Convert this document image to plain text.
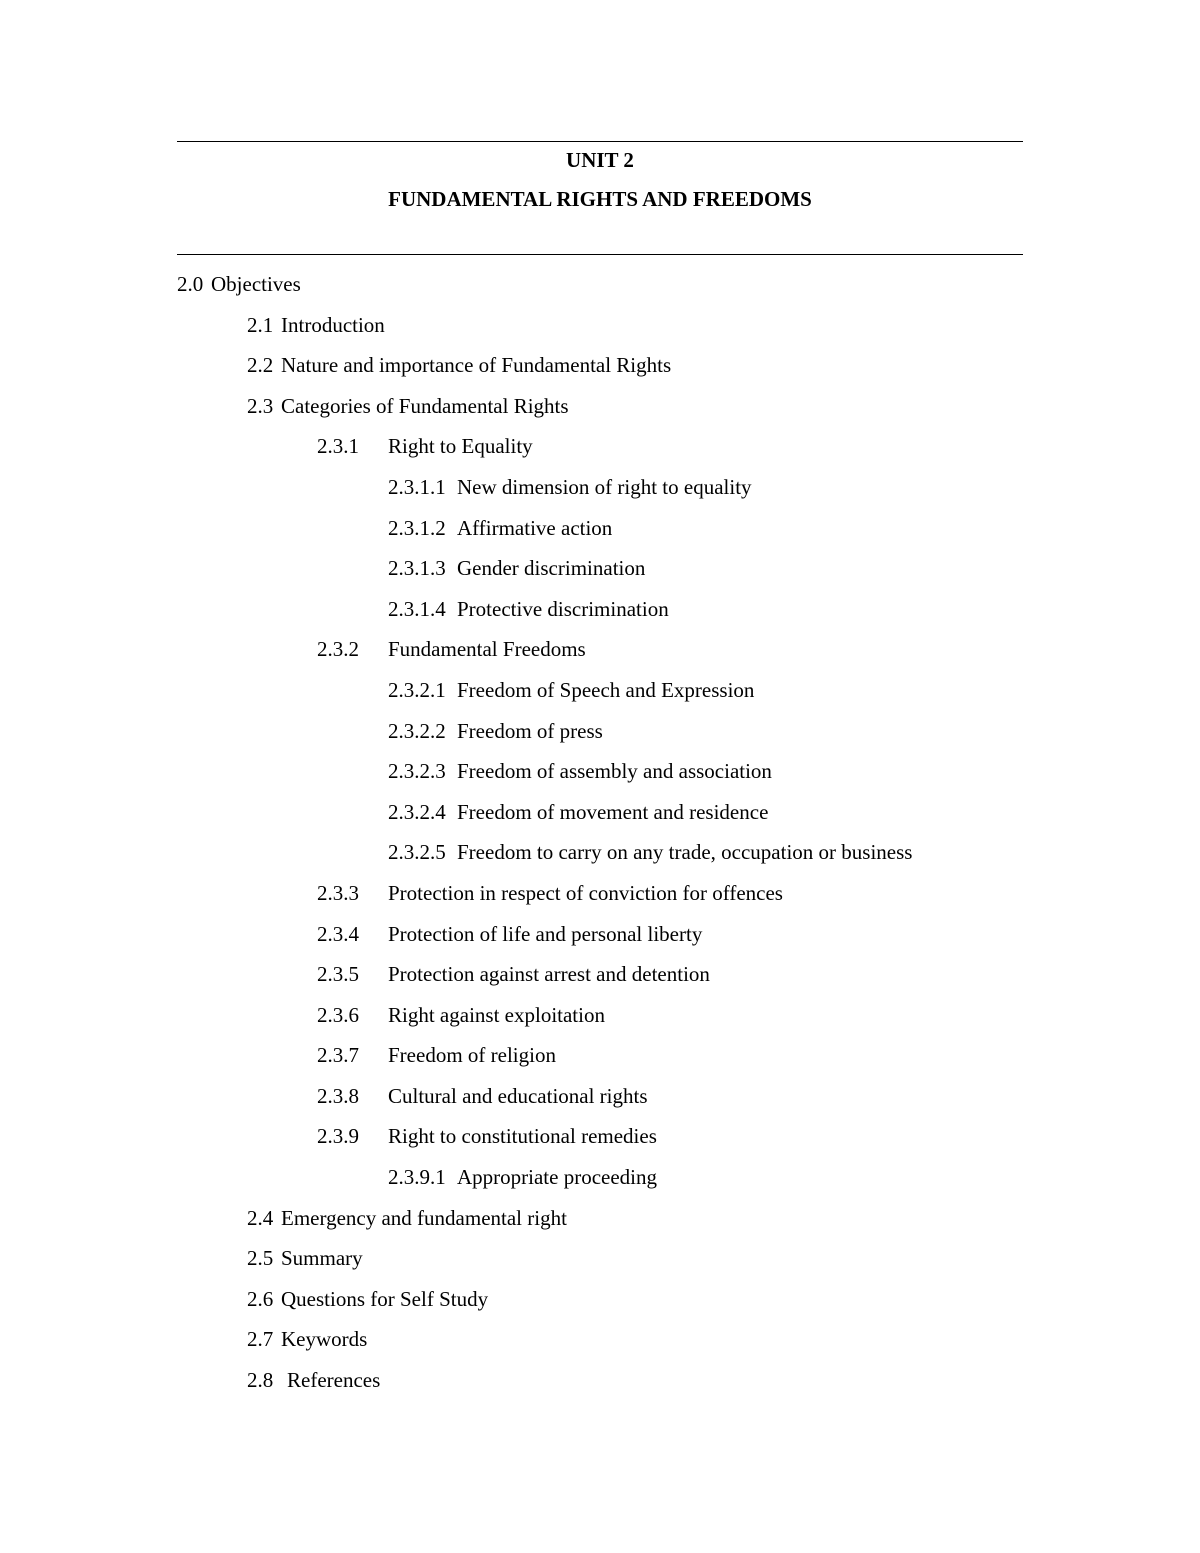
UNIT 2
FUNDAMENTAL RIGHTS AND FREEDOMS
2.0 Objectives
2.1 Introduction
2.2 Nature and importance of Fundamental Rights
2.3 Categories of Fundamental Rights
2.3.1 Right to Equality
2.3.1.1 New dimension of right to equality
2.3.1.2 Affirmative action
2.3.1.3 Gender discrimination
2.3.1.4 Protective discrimination
2.3.2 Fundamental Freedoms
2.3.2.1 Freedom of Speech and Expression
2.3.2.2 Freedom of press
2.3.2.3 Freedom of assembly and association
2.3.2.4 Freedom of movement and residence
2.3.2.5 Freedom to carry on any trade, occupation or business
2.3.3 Protection in respect of conviction for offences
2.3.4 Protection of life and personal liberty
2.3.5 Protection against arrest and detention
2.3.6 Right against exploitation
2.3.7 Freedom of religion
2.3.8 Cultural and educational rights
2.3.9 Right to constitutional remedies
2.3.9.1 Appropriate proceeding
2.4 Emergency and fundamental right
2.5 Summary
2.6 Questions for Self Study
2.7 Keywords
2.8 References
